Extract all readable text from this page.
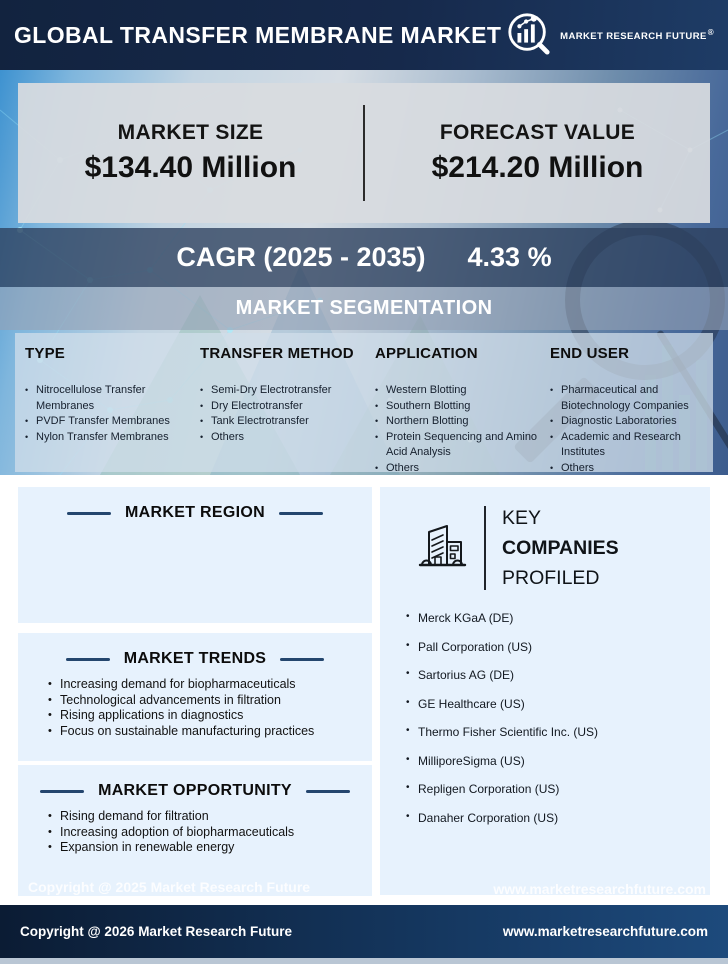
GLOBAL TRANSFER MEMBRANE MARKET	MARKET RESEARCH FUTURE®
MARKET SIZE
$134.40 Million
FORECAST VALUE
$214.20 Million
CAGR (2025 - 2035) 4.33 %
MARKET SEGMENTATION
TYPE
• Nitrocellulose Transfer Membranes
• PVDF Transfer Membranes
• Nylon Transfer Membranes
TRANSFER METHOD
• Semi-Dry Electrotransfer
• Dry Electrotransfer
• Tank Electrotransfer
• Others
APPLICATION
• Western Blotting
• Southern Blotting
• Northern Blotting
• Protein Sequencing and Amino Acid Analysis
• Others
END USER
• Pharmaceutical and Biotechnology Companies
• Diagnostic Laboratories
• Academic and Research Institutes
• Others
MARKET REGION
MARKET TRENDS
• Increasing demand for biopharmaceuticals
• Technological advancements in filtration
• Rising applications in diagnostics
• Focus on sustainable manufacturing practices
MARKET OPPORTUNITY
• Rising demand for filtration
• Increasing adoption of biopharmaceuticals
• Expansion in renewable energy
KEY
COMPANIES
PROFILED
• Merck KGaA (DE)
• Pall Corporation (US)
• Sartorius AG (DE)
• GE Healthcare (US)
• Thermo Fisher Scientific Inc. (US)
• MilliporeSigma (US)
• Repligen Corporation (US)
• Danaher Corporation (US)
Copyright @ 2025 Market Research Future	www.marketresearchfuture.com
Copyright @ 2026 Market Research Future	www.marketresearchfuture.com
